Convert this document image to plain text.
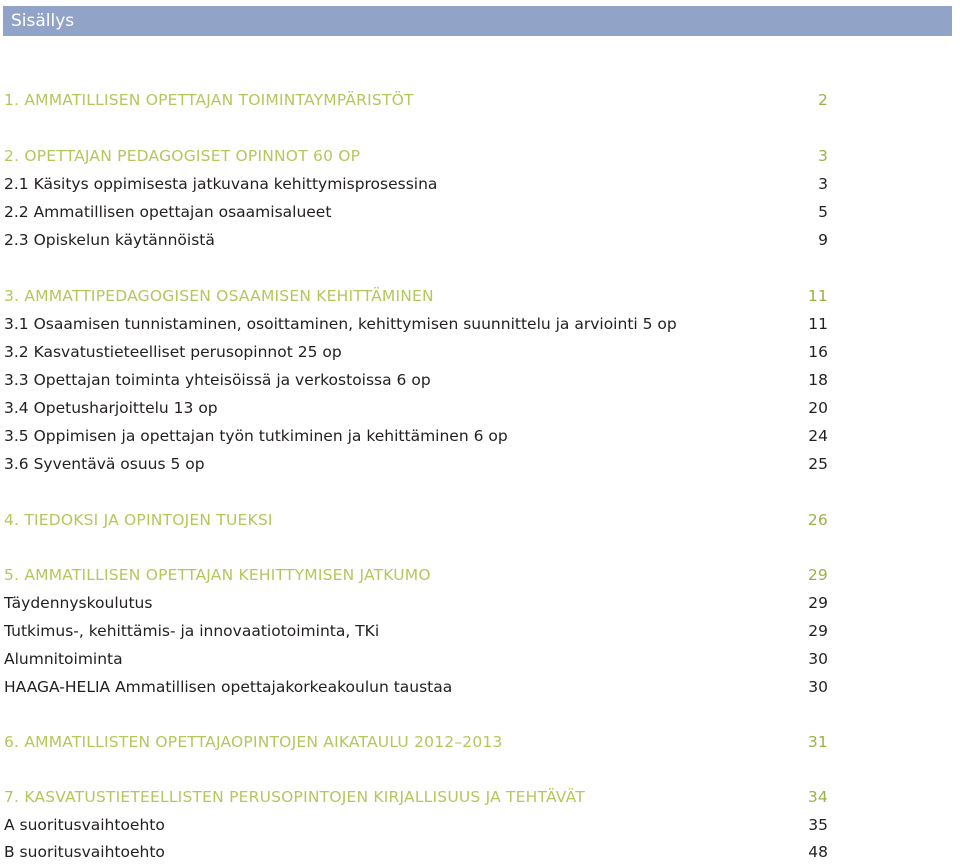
Sisällys
1. AMMATILLISEN OPETTAJAN TOIMINTAYMPÄRISTÖT	2
2. OPETTAJAN PEDAGOGISET OPINNOT 60 OP	3
2.1 Käsitys oppimisesta jatkuvana kehittymisprosessina	3
2.2 Ammatillisen opettajan osaamisalueet	5
2.3 Opiskelun käytännöistä	9
3. AMMATTIPEDAGOGISEN OSAAMISEN KEHITTÄMINEN	11
3.1 Osaamisen tunnistaminen, osoittaminen, kehittymisen suunnittelu ja arviointi 5 op	11
3.2 Kasvatustieteelliset perusopinnot 25 op	16
3.3 Opettajan toiminta yhteisöissä ja verkostoissa 6 op	18
3.4 Opetusharjoittelu 13 op	20
3.5 Oppimisen ja opettajan työn tutkiminen ja kehittäminen 6 op	24
3.6 Syventävä osuus 5 op	25
4. TIEDOKSI JA OPINTOJEN TUEKSI	26
5. AMMATILLISEN OPETTAJAN KEHITTYMISEN JATKUMO	29
Täydennyskoulutus	29
Tutkimus-, kehittämis- ja innovaatiotoiminta, TKi	29
Alumnitoiminta	30
HAAGA-HELIA Ammatillisen opettajakorkeakoulun taustaa	30
6. AMMATILLISTEN OPETTAJAOPINTOJEN AIKATAULU 2012–2013	31
7. KASVATUSTIETEELLISTEN PERUSOPINTOJEN KIRJALLISUUS JA TEHTÄVÄT	34
A suoritusvaihtoehto	35
B suoritusvaihtoehto	48
